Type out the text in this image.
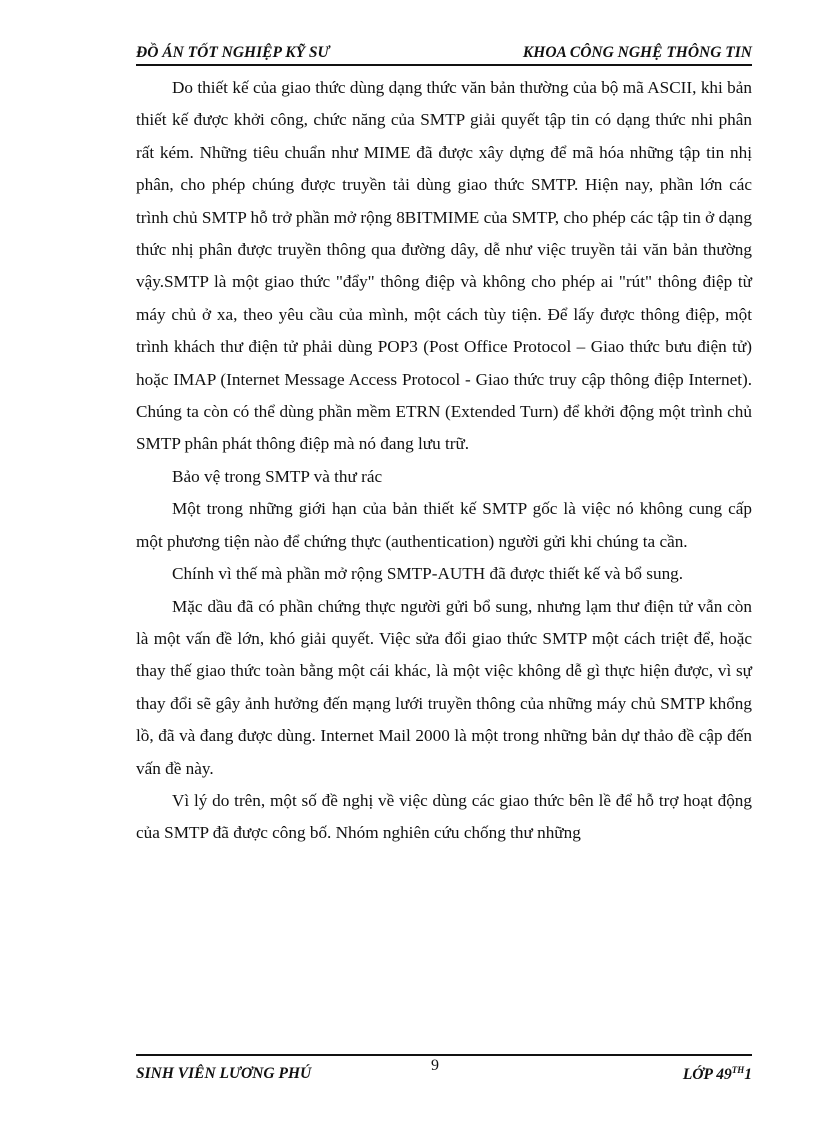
ĐỒ ÁN TỐT NGHIỆP KỸ SƯ	KHOA CÔNG NGHỆ THÔNG TIN

Do thiết kế của giao thức dùng dạng thức văn bản thường của bộ mã ASCII, khi bản thiết kế được khởi công, chức năng của SMTP giải quyết tập tin có dạng thức nhi phân rất kém. Những tiêu chuẩn như MIME đã được xây dựng để mã hóa những tập tin nhị phân, cho phép chúng được truyền tải dùng giao thức SMTP. Hiện nay, phần lớn các trình chủ SMTP hỗ trở phần mở rộng 8BITMIME của SMTP, cho phép các tập tin ở dạng thức nhị phân được truyền thông qua đường dây, dễ như việc truyền tải văn bản thường vậy.SMTP là một giao thức "đẩy" thông điệp và không cho phép ai "rút" thông điệp từ máy chủ ở xa, theo yêu cầu của mình, một cách tùy tiện. Để lấy được thông điệp, một trình khách thư điện tử phải dùng POP3 (Post Office Protocol – Giao thức bưu điện tử) hoặc IMAP (Internet Message Access Protocol - Giao thức truy cập thông điệp Internet). Chúng ta còn có thể dùng phần mềm ETRN (Extended Turn) để khởi động một trình chủ SMTP phân phát thông điệp mà nó đang lưu trữ.

Bảo vệ trong SMTP và thư rác

Một trong những giới hạn của bản thiết kế SMTP gốc là việc nó không cung cấp một phương tiện nào để chứng thực (authentication) người gửi khi chúng ta cần.

Chính vì thế mà phần mở rộng SMTP-AUTH đã được thiết kế và bổ sung.

Mặc dầu đã có phần chứng thực người gửi bổ sung, nhưng lạm thư điện tử vẫn còn là một vấn đề lớn, khó giải quyết. Việc sửa đổi giao thức SMTP một cách triệt để, hoặc thay thế giao thức toàn bằng một cái khác, là một việc không dễ gì thực hiện được, vì sự thay đổi sẽ gây ảnh hưởng đến mạng lưới truyền thông của những máy chủ SMTP khổng lồ, đã và đang được dùng. Internet Mail 2000 là một trong những bản dự thảo đề cập đến vấn đề này.

Vì lý do trên, một số đề nghị về việc dùng các giao thức bên lề để hỗ trợ hoạt động của SMTP đã được công bố. Nhóm nghiên cứu chống thư những

SINH VIÊN LƯƠNG PHÚ	9
LỚP 49TH1
